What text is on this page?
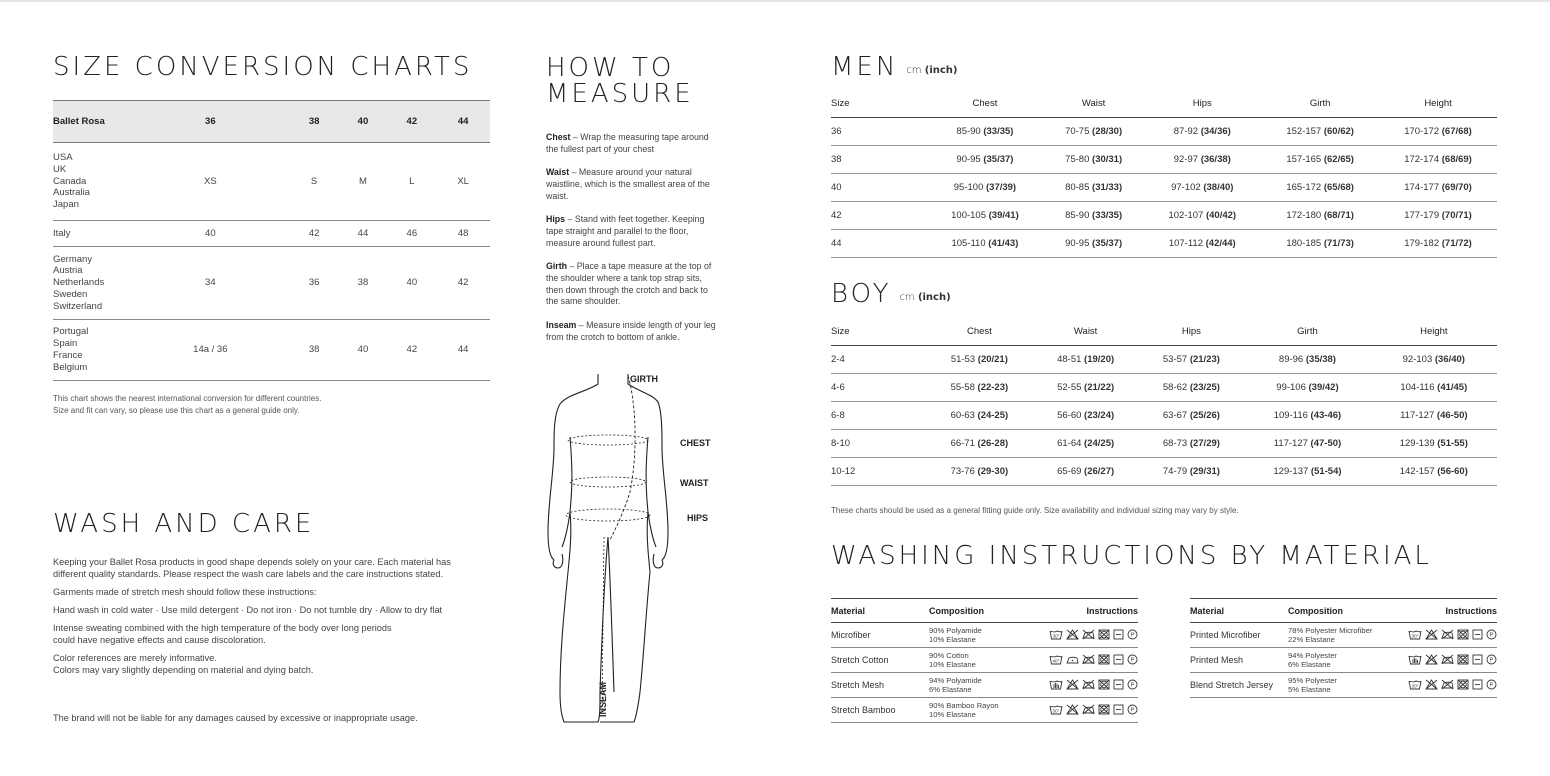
SIZE CONVERSION CHARTS
Ballet Rosa	36	38	40	42	44
USA
UK
Canada
Australia
Japan	XS	S	M	L	XL
Italy	40	42	44	46	48
Germany
Austria
Netherlands
Sweden
Switzerland	34	36	38	40	42
Portugal
Spain
France
Belgium	14a / 36	38	40	42	44
This chart shows the nearest international conversion for different countries.
Size and fit can vary, so please use this chart as a general guide only.
WASH AND CARE
Keeping your Ballet Rosa products in good shape depends solely on your care. Each material has
different quality standards. Please respect the wash care labels and the care instructions stated.
Garments made of stretch mesh should follow these instructions:
Hand wash in cold water · Use mild detergent · Do not iron · Do not tumble dry · Allow to dry flat
Intense sweating combined with the high temperature of the body over long periods
could have negative effects and cause discoloration.
Color references are merely informative.
Colors may vary slightly depending on material and dying batch.
The brand will not be liable for any damages caused by excessive or inappropriate usage.
HOW TO
MEASURE
Chest – Wrap the measuring tape around the fullest part of your chest
Waist – Measure around your natural waistline, which is the smallest area of the waist.
Hips – Stand with feet together. Keeping tape straight and parallel to the floor, measure around fullest part.
Girth – Place a tape measure at the top of the shoulder where a tank top strap sits, then down through the crotch and back to the same shoulder.
Inseam – Measure inside length of your leg from the crotch to bottom of ankle.
GIRTH
CHEST
WAIST
HIPS
INSEAM
MEN cm (inch)
Size	Chest	Waist	Hips	Girth	Height
36	85-90 (33/35)	70-75 (28/30)	87-92 (34/36)	152-157 (60/62)	170-172 (67/68)
38	90-95 (35/37)	75-80 (30/31)	92-97 (36/38)	157-165 (62/65)	172-174 (68/69)
40	95-100 (37/39)	80-85 (31/33)	97-102 (38/40)	165-172 (65/68)	174-177 (69/70)
42	100-105 (39/41)	85-90 (33/35)	102-107 (40/42)	172-180 (68/71)	177-179 (70/71)
44	105-110 (41/43)	90-95 (35/37)	107-112 (42/44)	180-185 (71/73)	179-182 (71/72)
BOY cm (inch)
Size	Chest	Waist	Hips	Girth	Height
2-4	51-53 (20/21)	48-51 (19/20)	53-57 (21/23)	89-96 (35/38)	92-103 (36/40)
4-6	55-58 (22-23)	52-55 (21/22)	58-62 (23/25)	99-106 (39/42)	104-116 (41/45)
6-8	60-63 (24-25)	56-60 (23/24)	63-67 (25/26)	109-116 (43-46)	117-127 (46-50)
8-10	66-71 (26-28)	61-64 (24/25)	68-73 (27/29)	117-127 (47-50)	129-139 (51-55)
10-12	73-76 (29-30)	65-69 (26/27)	74-79 (29/31)	129-137 (51-54)	142-157 (56-60)
These charts should be used as a general fitting guide only. Size availability and individual sizing may vary by style.
WASHING INSTRUCTIONS BY MATERIAL
Material	Composition	Instructions
Microfiber	90% Polyamide
10% Elastane	30° P

Stretch Cotton	90% Cotton
10% Elastane	40° P

Stretch Mesh	94% Polyamide
6% Elastane	P

Stretch Bamboo	90% Bamboo Rayon
10% Elastane	30° P
Material	Composition	Instructions
Printed Microfiber	78% Polyester Microfiber
22% Elastane	30° P

Printed Mesh	94% Polyester
6% Elastane	P

Blend Stretch Jersey	95% Polyester
5% Elastane	30° P
